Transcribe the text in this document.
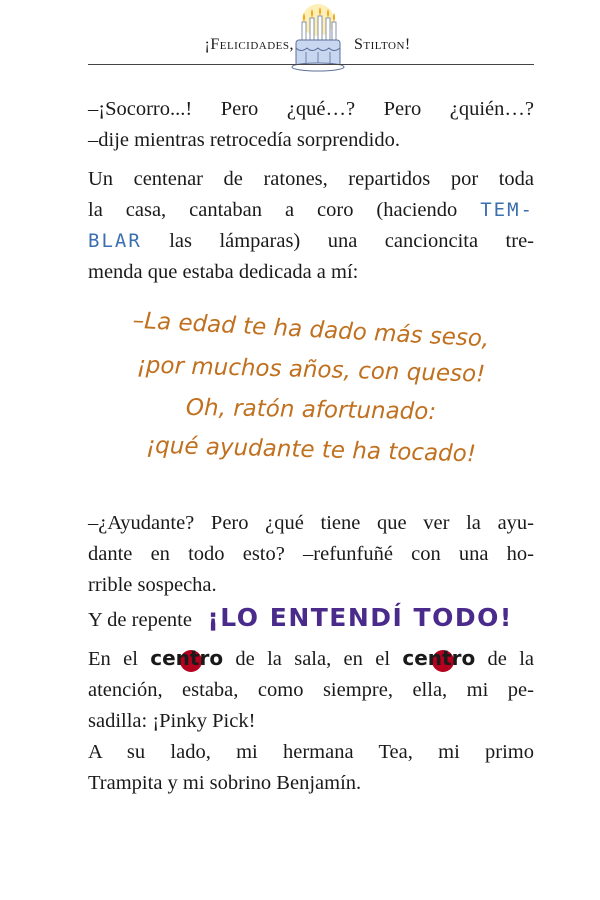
¡Felicidades,	Stilton!
–¡Socorro...! Pero ¿qué…? Pero ¿quién…?
–dije mientras retrocedía sorprendido.
Un centenar de ratones, repartidos por toda
la casa, cantaban a coro (haciendo TEM-
BLAR las lámparas) una cancioncita tre-
menda que estaba dedicada a mí:
–La edad te ha dado más seso,
¡por muchos años, con queso!
Oh, ratón afortunado:
¡qué ayudante te ha tocado!
–¿Ayudante? Pero ¿qué tiene que ver la ayu-
dante en todo esto? –refunfuñé con una ho-
rrible sospecha.
Y de repente ¡LO ENTENDÍ TODO!
En el centro de la sala, en el centro de la
atención, estaba, como siempre, ella, mi pe-
sadilla: ¡Pinky Pick!
A su lado, mi hermana Tea, mi primo
Trampita y mi sobrino Benjamín.
